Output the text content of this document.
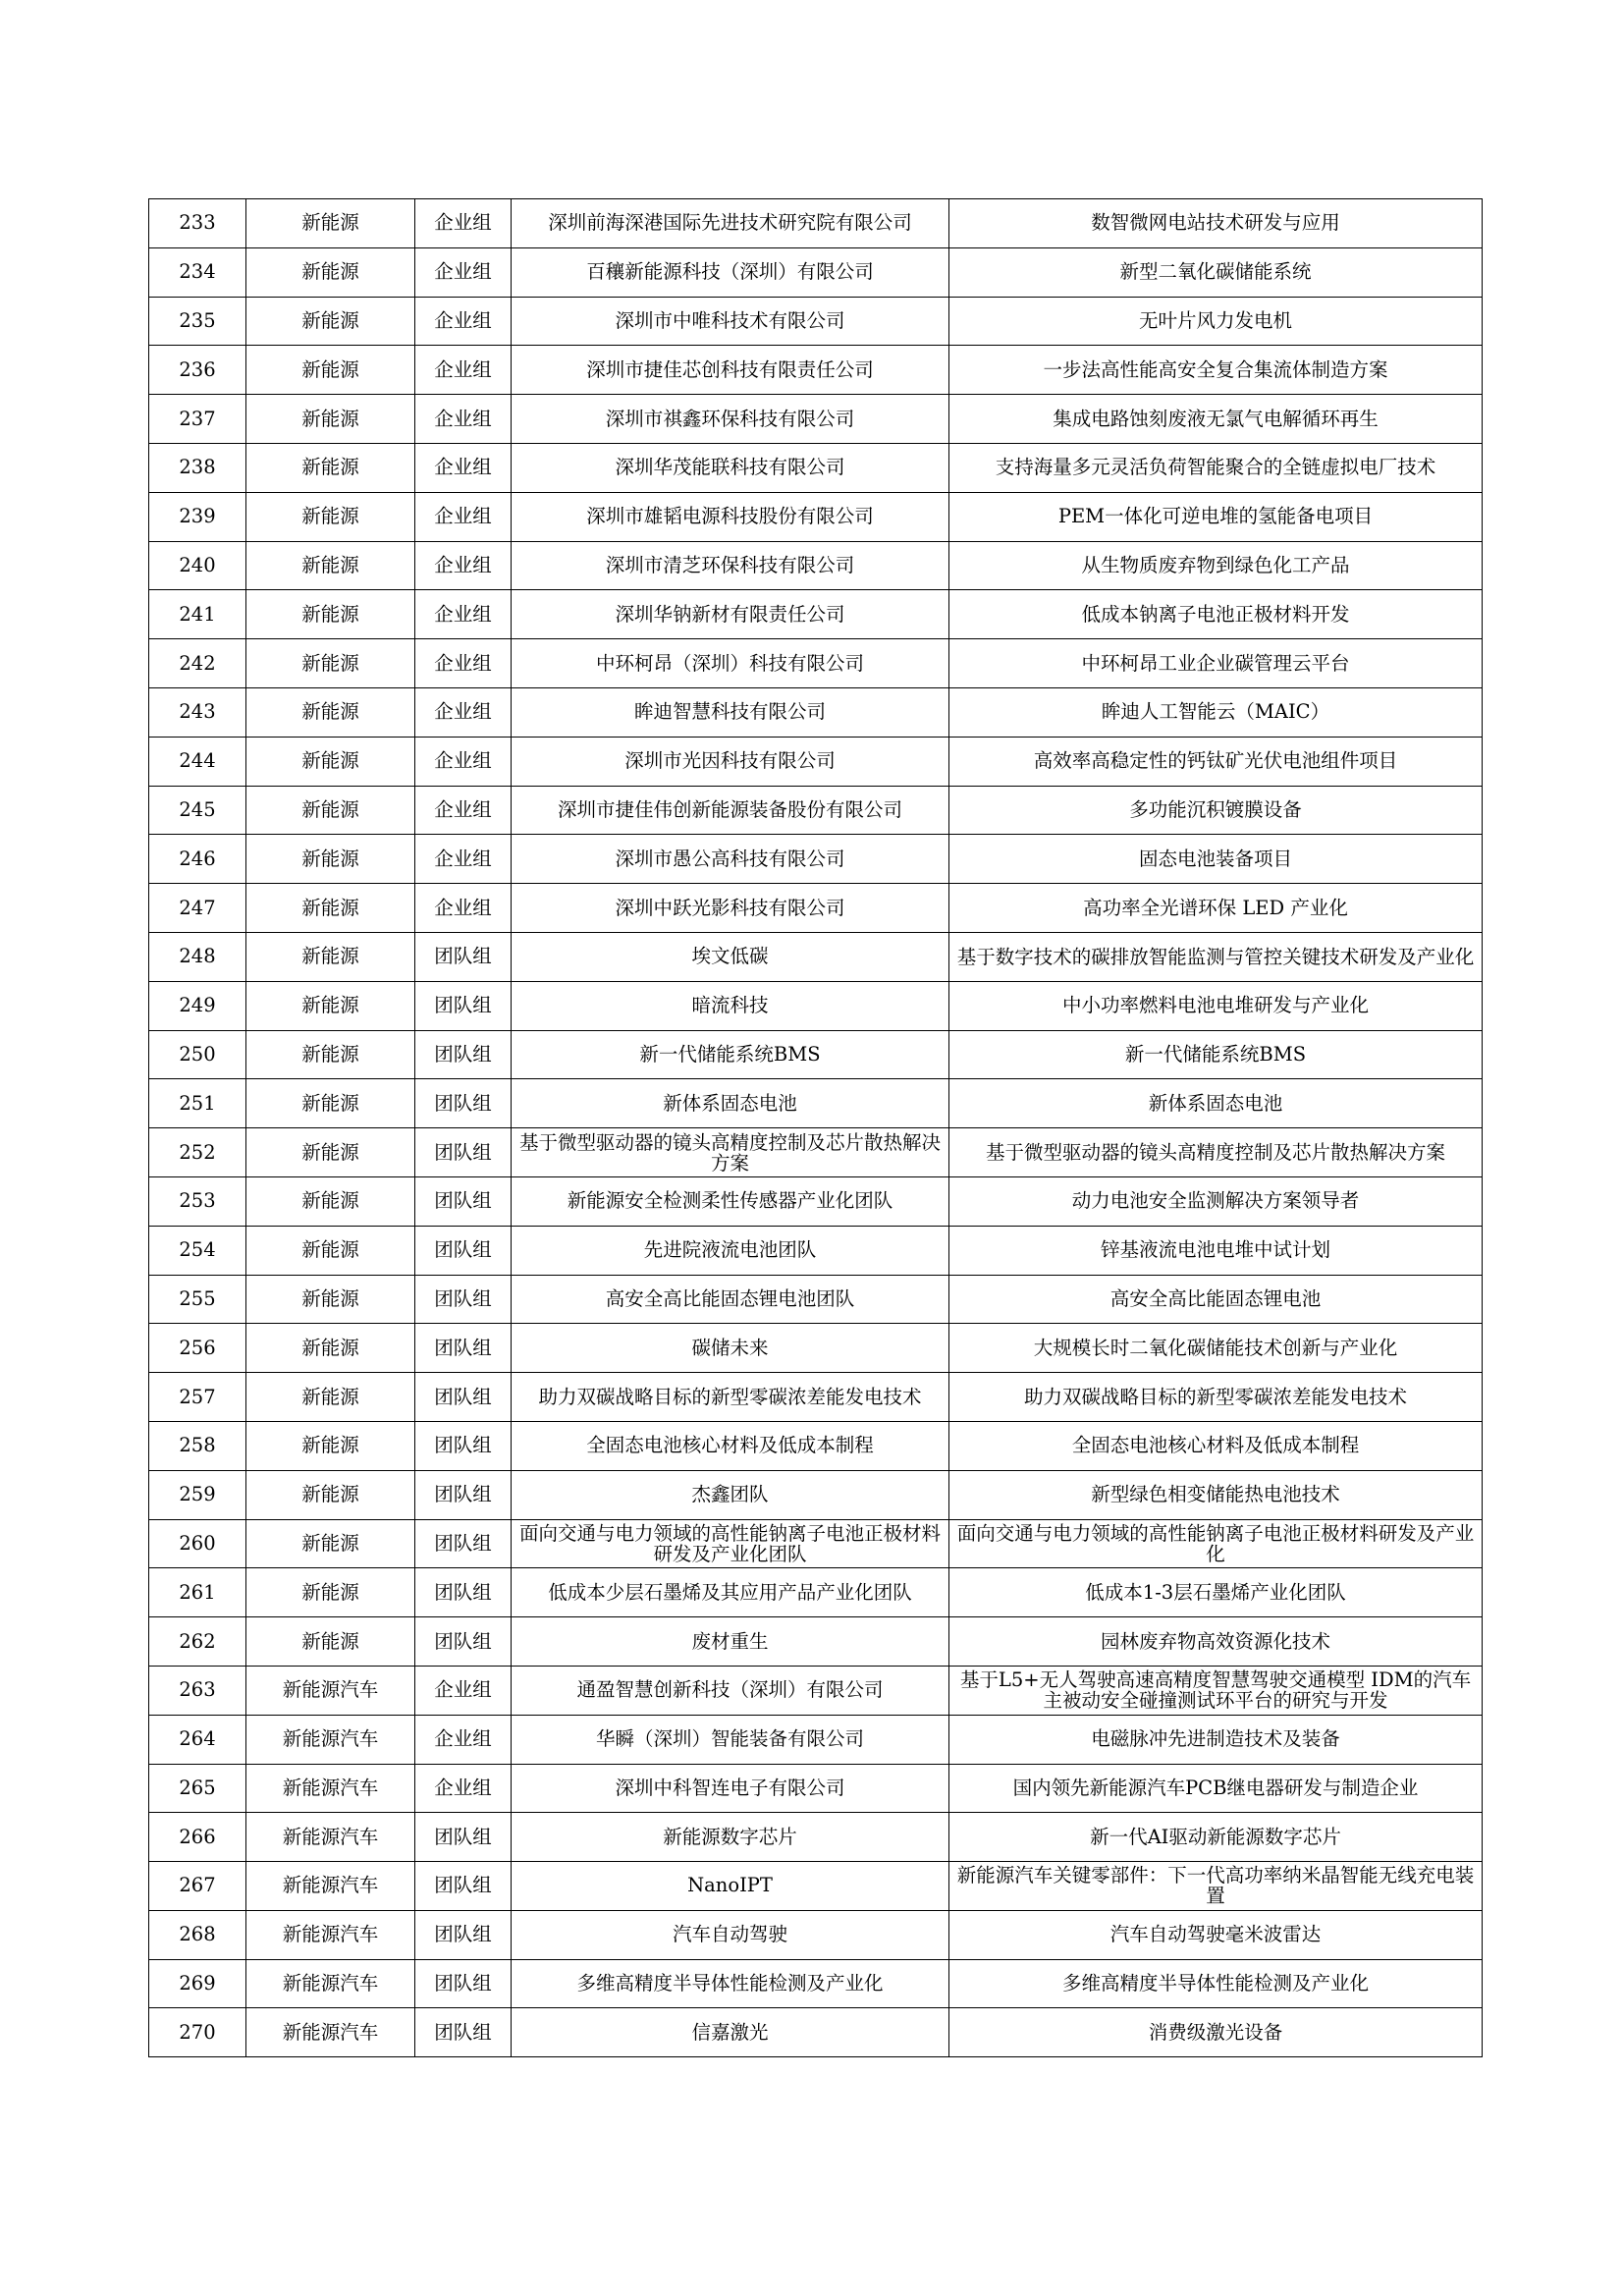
233	新能源	企业组	深圳前海深港国际先进技术研究院有限公司	数智微网电站技术研发与应用
234	新能源	企业组	百穰新能源科技（深圳）有限公司	新型二氧化碳储能系统
235	新能源	企业组	深圳市中唯科技术有限公司	无叶片风力发电机
236	新能源	企业组	深圳市捷佳芯创科技有限责任公司	一步法高性能高安全复合集流体制造方案
237	新能源	企业组	深圳市祺鑫环保科技有限公司	集成电路蚀刻废液无氯气电解循环再生
238	新能源	企业组	深圳华茂能联科技有限公司	支持海量多元灵活负荷智能聚合的全链虚拟电厂技术
239	新能源	企业组	深圳市雄韬电源科技股份有限公司	PEM一体化可逆电堆的氢能备电项目
240	新能源	企业组	深圳市清芝环保科技有限公司	从生物质废弃物到绿色化工产品
241	新能源	企业组	深圳华钠新材有限责任公司	低成本钠离子电池正极材料开发
242	新能源	企业组	中环柯昂（深圳）科技有限公司	中环柯昂工业企业碳管理云平台
243	新能源	企业组	眸迪智慧科技有限公司	眸迪人工智能云（MAIC）
244	新能源	企业组	深圳市光因科技有限公司	高效率高稳定性的钙钛矿光伏电池组件项目
245	新能源	企业组	深圳市捷佳伟创新能源装备股份有限公司	多功能沉积镀膜设备
246	新能源	企业组	深圳市愚公高科技有限公司	固态电池装备项目
247	新能源	企业组	深圳中跃光影科技有限公司	高功率全光谱环保 LED 产业化
248	新能源	团队组	埃文低碳	基于数字技术的碳排放智能监测与管控关键技术研发及产业化

249	新能源	团队组	暗流科技	中小功率燃料电池电堆研发与产业化
250	新能源	团队组	新一代储能系统BMS	新一代储能系统BMS
251	新能源	团队组	新体系固态电池	新体系固态电池
252	新能源	团队组	基于微型驱动器的镜头高精度控制及芯片散热解决方案	基于微型驱动器的镜头高精度控制及芯片散热解决方案
253	新能源	团队组	新能源安全检测柔性传感器产业化团队	动力电池安全监测解决方案领导者
254	新能源	团队组	先进院液流电池团队	锌基液流电池电堆中试计划
255	新能源	团队组	高安全高比能固态锂电池团队	高安全高比能固态锂电池
256	新能源	团队组	碳储未来	大规模长时二氧化碳储能技术创新与产业化
257	新能源	团队组	助力双碳战略目标的新型零碳浓差能发电技术	助力双碳战略目标的新型零碳浓差能发电技术
258	新能源	团队组	全固态电池核心材料及低成本制程	全固态电池核心材料及低成本制程
259	新能源	团队组	杰鑫团队	新型绿色相变储能热电池技术
260	新能源	团队组	面向交通与电力领域的高性能钠离子电池正极材料研发及产业化团队	面向交通与电力领域的高性能钠离子电池正极材料研发及产业化

261	新能源	团队组	低成本少层石墨烯及其应用产品产业化团队	低成本1-3层石墨烯产业化团队
262	新能源	团队组	废材重生	园林废弃物高效资源化技术
263	新能源汽车	企业组	通盈智慧创新科技（深圳）有限公司	基于L5+无人驾驶高速高精度智慧驾驶交通模型 IDM的汽车主被动安全碰撞测试环平台的研究与开发

264	新能源汽车	企业组	华瞬（深圳）智能装备有限公司	电磁脉冲先进制造技术及装备
265	新能源汽车	企业组	深圳中科智连电子有限公司	国内领先新能源汽车PCB继电器研发与制造企业
266	新能源汽车	团队组	新能源数字芯片	新一代AI驱动新能源数字芯片
267	新能源汽车	团队组	NanoIPT	新能源汽车关键零部件：下一代高功率纳米晶智能无线充电装置

268	新能源汽车	团队组	汽车自动驾驶	汽车自动驾驶毫米波雷达
269	新能源汽车	团队组	多维高精度半导体性能检测及产业化	多维高精度半导体性能检测及产业化
270	新能源汽车	团队组	信嘉激光	消费级激光设备
